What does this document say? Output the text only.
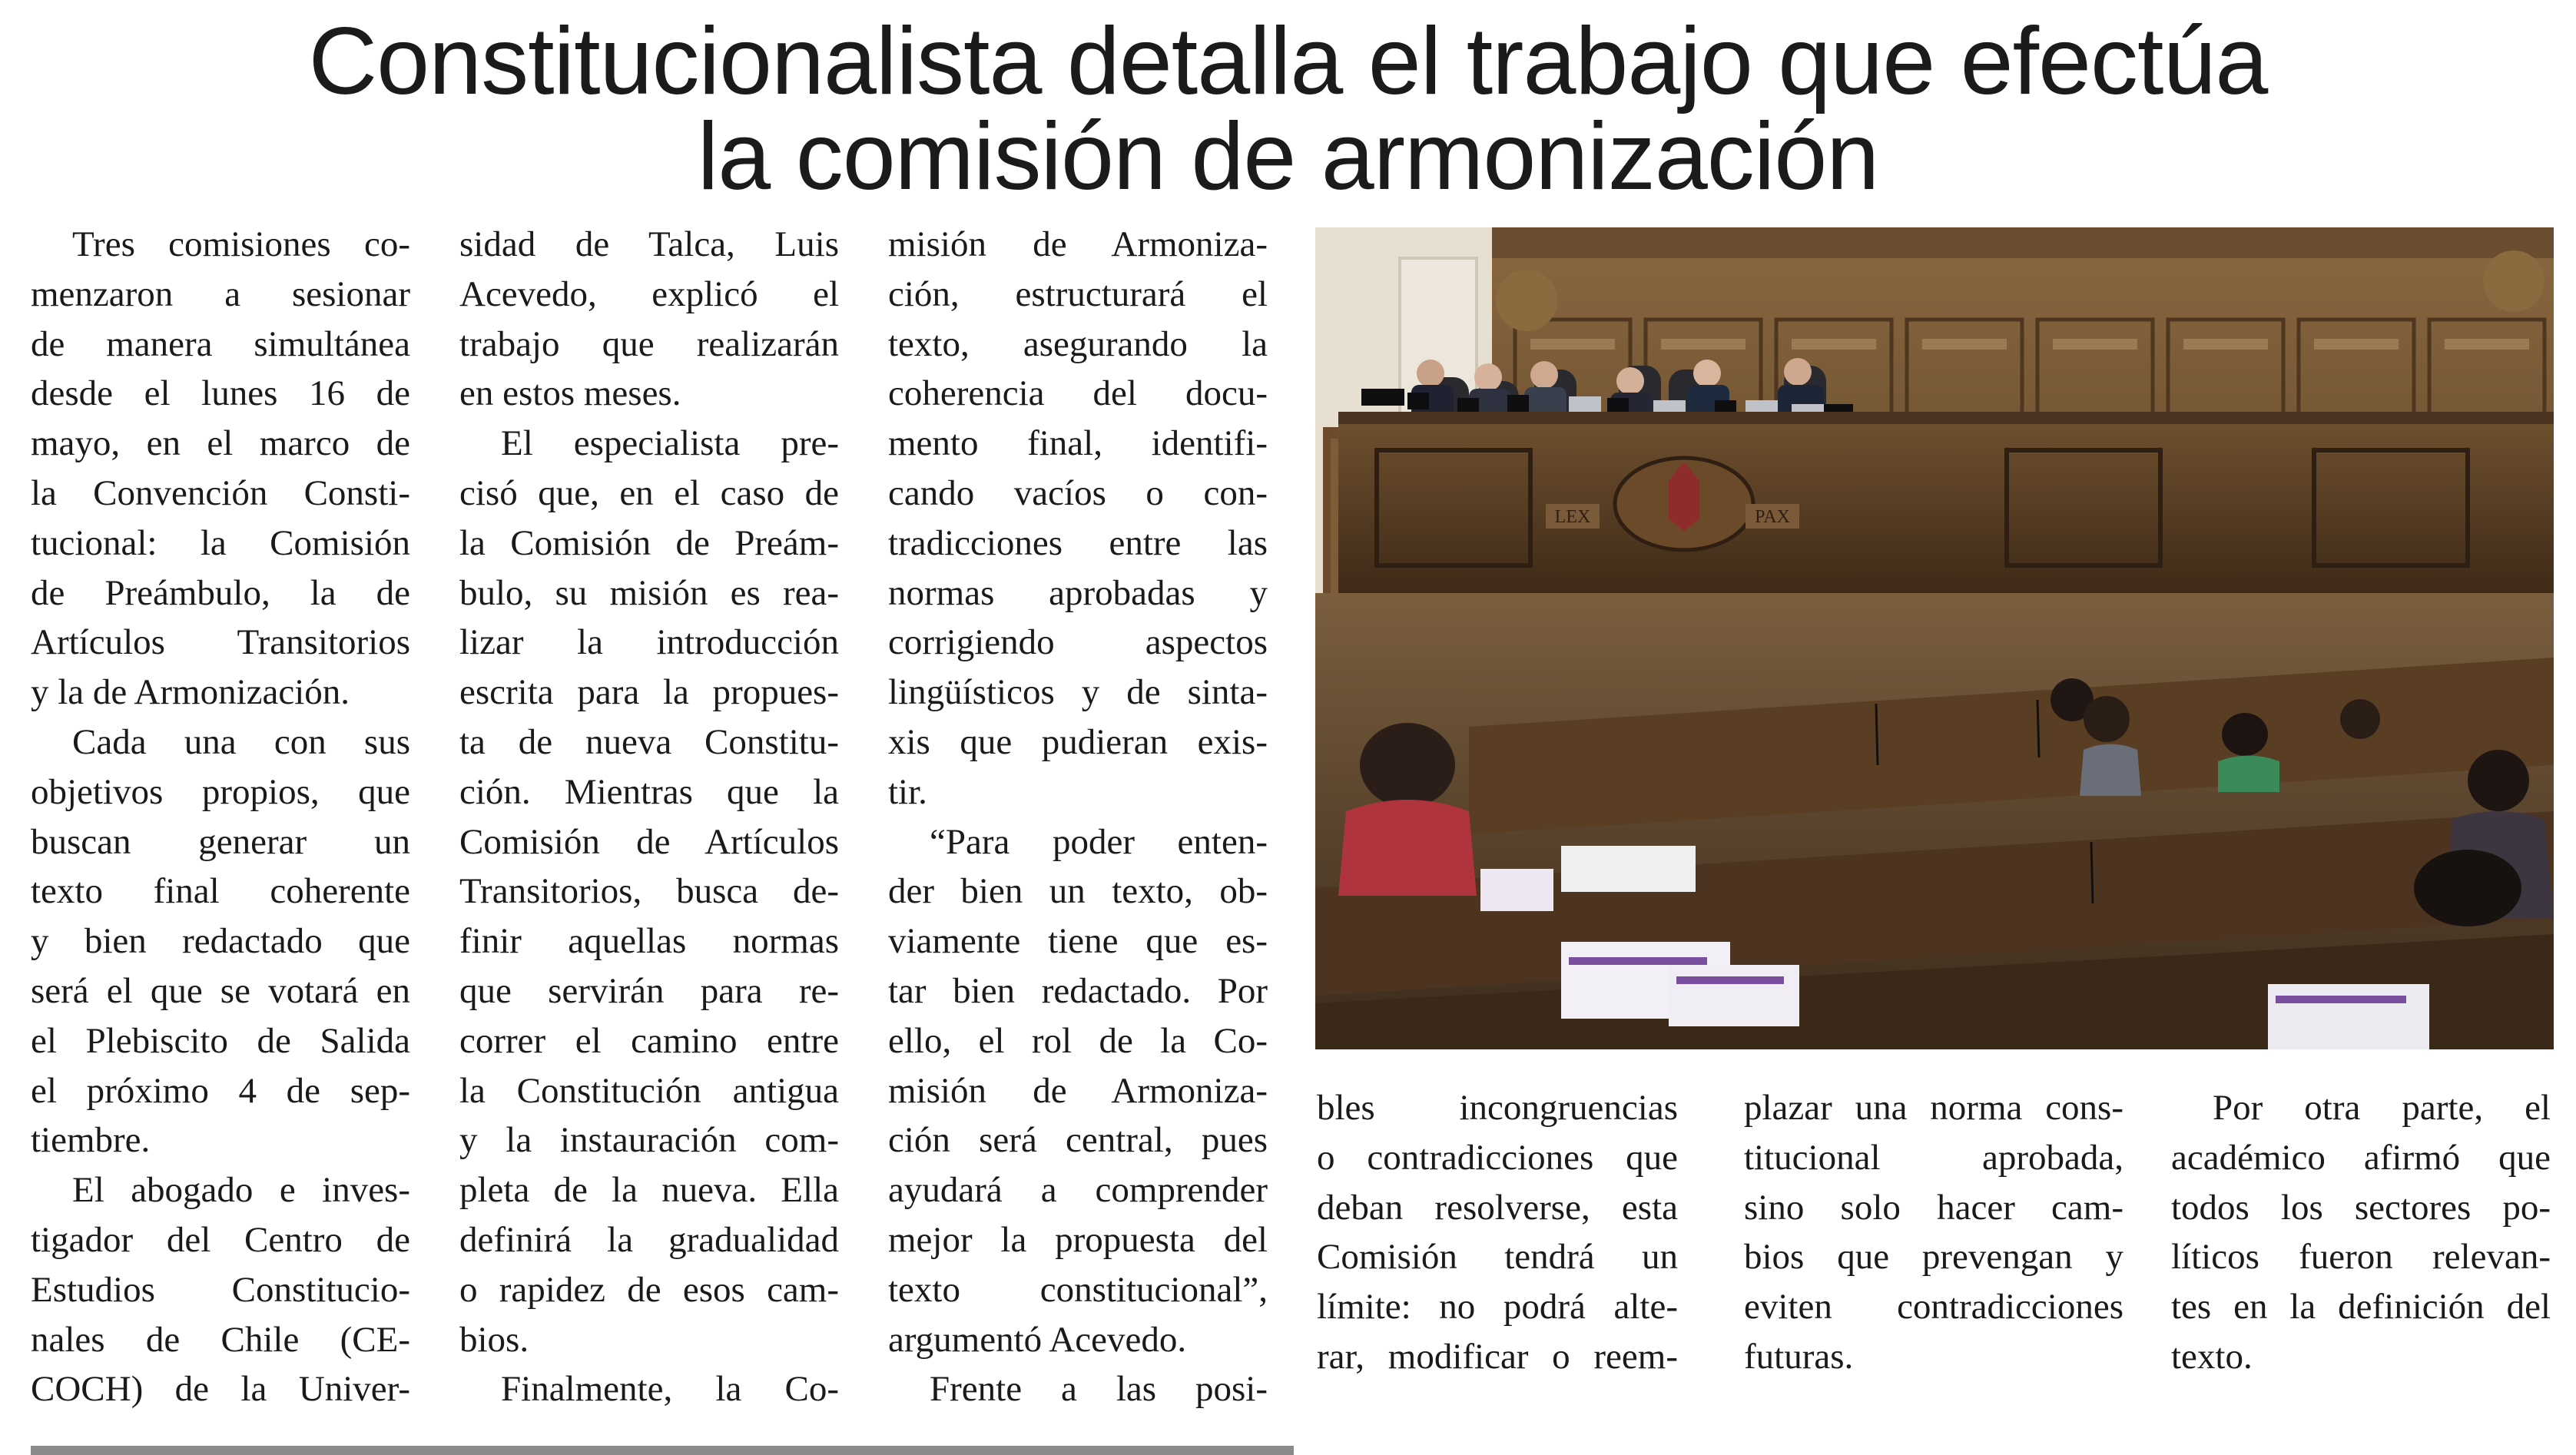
Constitucionalista detalla el trabajo que efectúa
la comisión de armonización

Tres comisiones co-

menzaron a sesionar

de manera simultánea

desde el lunes 16 de

mayo, en el marco de

la Convención Consti-

tucional: la Comisión

de Preámbulo, la de

Artículos Transitorios

y la de Armonización.

Cada una con sus

objetivos propios, que

buscan generar un

texto final coherente

y bien redactado que

será el que se votará en

el Plebiscito de Salida

el próximo 4 de sep-

tiembre.

El abogado e inves-

tigador del Centro de

Estudios Constitucio-

nales de Chile (CE-

COCH) de la Univer-

sidad de Talca, Luis

Acevedo, explicó el

trabajo que realizarán

en estos meses.

El especialista pre-

cisó que, en el caso de

la Comisión de Preám-

bulo, su misión es rea-

lizar la introducción

escrita para la propues-

ta de nueva Constitu-

ción. Mientras que la

Comisión de Artículos

Transitorios, busca de-

finir aquellas normas

que servirán para re-

correr el camino entre

la Constitución antigua

y la instauración com-

pleta de la nueva. Ella

definirá la gradualidad

o rapidez de esos cam-

bios.

Finalmente, la Co-

misión de Armoniza-

ción, estructurará el

texto, asegurando la

coherencia del docu-

mento final, identifi-

cando vacíos o con-

tradicciones entre las

normas aprobadas y

corrigiendo aspectos

lingüísticos y de sinta-

xis que pudieran exis-

tir.

“Para poder enten-

der bien un texto, ob-

viamente tiene que es-

tar bien redactado. Por

ello, el rol de la Co-

misión de Armoniza-

ción será central, pues

ayudará a comprender

mejor la propuesta del

texto constitucional”,

argumentó Acevedo.

Frente a las posi-

bles incongruencias

o contradicciones que

deban resolverse, esta

Comisión tendrá un

límite: no podrá alte-

rar, modificar o reem-

plazar una norma cons-

titucional aprobada,

sino solo hacer cam-

bios que prevengan y

eviten contradicciones

futuras.

Por otra parte, el

académico afirmó que

todos los sectores po-

líticos fueron relevan-

tes en la definición del

texto.

LEX	PAX
